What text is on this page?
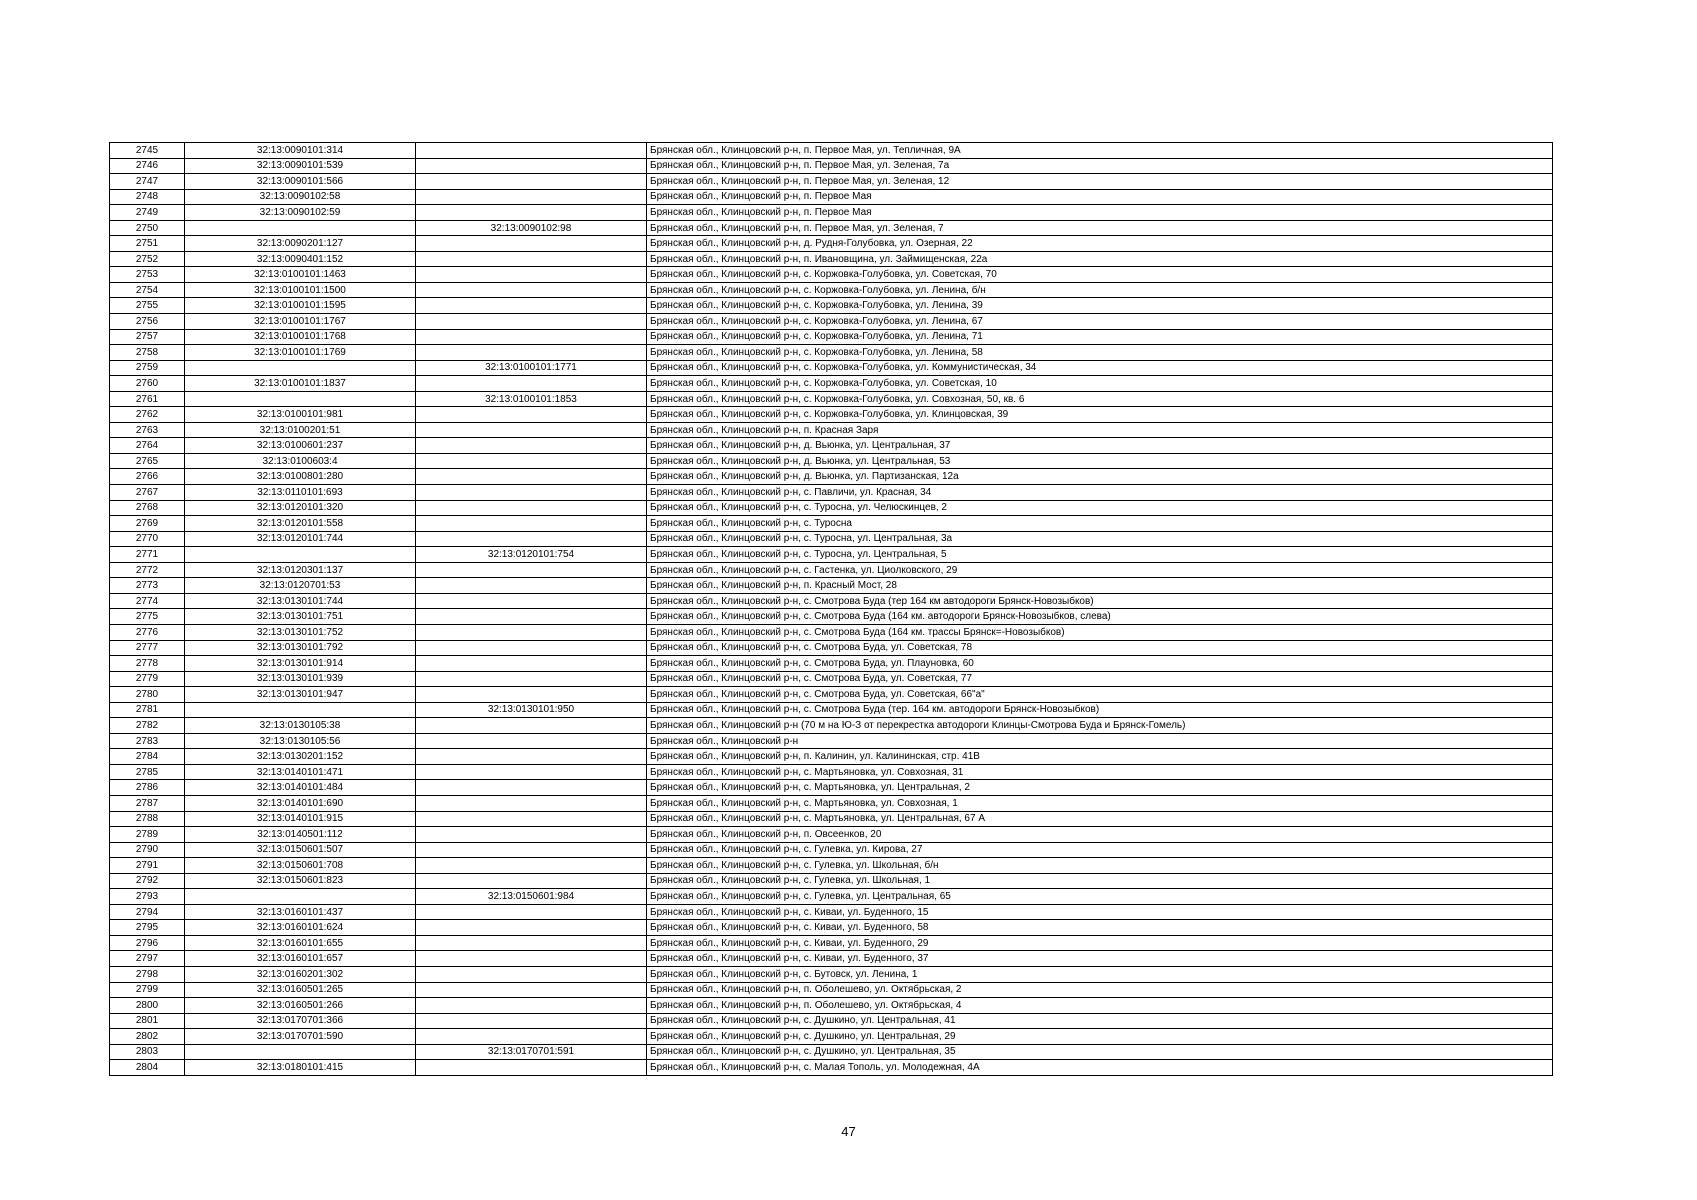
2745	32:13:0090101:314		Брянская обл., Клинцовский р-н, п. Первое Мая, ул. Тепличная, 9А
2746	32:13:0090101:539		Брянская обл., Клинцовский р-н, п. Первое Мая, ул. Зеленая, 7а
2747	32:13:0090101:566		Брянская обл., Клинцовский р-н, п. Первое Мая, ул. Зеленая, 12
2748	32:13:0090102:58		Брянская обл., Клинцовский р-н, п. Первое Мая
2749	32:13:0090102:59		Брянская обл., Клинцовский р-н, п. Первое Мая
2750		32:13:0090102:98	Брянская обл., Клинцовский р-н, п. Первое Мая, ул. Зеленая, 7
2751	32:13:0090201:127		Брянская обл., Клинцовский р-н, д. Рудня-Голубовка, ул. Озерная, 22
2752	32:13:0090401:152		Брянская обл., Клинцовский р-н, п. Ивановщина, ул. Займищенская, 22а
2753	32:13:0100101:1463		Брянская обл., Клинцовский р-н, с. Коржовка-Голубовка, ул. Советская, 70
2754	32:13:0100101:1500		Брянская обл., Клинцовский р-н, с. Коржовка-Голубовка, ул. Ленина, б/н
2755	32:13:0100101:1595		Брянская обл., Клинцовский р-н, с. Коржовка-Голубовка, ул. Ленина, 39
2756	32:13:0100101:1767		Брянская обл., Клинцовский р-н, с. Коржовка-Голубовка, ул. Ленина, 67
2757	32:13:0100101:1768		Брянская обл., Клинцовский р-н, с. Коржовка-Голубовка, ул. Ленина, 71
2758	32:13:0100101:1769		Брянская обл., Клинцовский р-н, с. Коржовка-Голубовка, ул. Ленина, 58
2759		32:13:0100101:1771	Брянская обл., Клинцовский р-н, с. Коржовка-Голубовка, ул. Коммунистическая, 34
2760	32:13:0100101:1837		Брянская обл., Клинцовский р-н, с. Коржовка-Голубовка, ул. Советская, 10
2761		32:13:0100101:1853	Брянская обл., Клинцовский р-н, с. Коржовка-Голубовка, ул. Совхозная, 50, кв. 6
2762	32:13:0100101:981		Брянская обл., Клинцовский р-н, с. Коржовка-Голубовка, ул. Клинцовская, 39
2763	32:13:0100201:51		Брянская обл., Клинцовский р-н, п. Красная Заря
2764	32:13:0100601:237		Брянская обл., Клинцовский р-н, д. Вьюнка, ул. Центральная, 37
2765	32:13:0100603:4		Брянская обл., Клинцовский р-н, д. Вьюнка, ул. Центральная, 53
2766	32:13:0100801:280		Брянская обл., Клинцовский р-н, д. Вьюнка, ул. Партизанская, 12а
2767	32:13:0110101:693		Брянская обл., Клинцовский р-н, с. Павличи, ул. Красная, 34
2768	32:13:0120101:320		Брянская обл., Клинцовский р-н, с. Туросна, ул. Челюскинцев, 2
2769	32:13:0120101:558		Брянская обл., Клинцовский р-н, с. Туросна
2770	32:13:0120101:744		Брянская обл., Клинцовский р-н, с. Туросна, ул. Центральная, 3а
2771		32:13:0120101:754	Брянская обл., Клинцовский р-н, с. Туросна, ул. Центральная, 5
2772	32:13:0120301:137		Брянская обл., Клинцовский р-н, с. Гастенка, ул. Циолковского, 29
2773	32:13:0120701:53		Брянская обл., Клинцовский р-н, п. Красный Мост, 28
2774	32:13:0130101:744		Брянская обл., Клинцовский р-н, с. Смотрова Буда (тер 164 км автодороги Брянск-Новозыбков)
2775	32:13:0130101:751		Брянская обл., Клинцовский р-н, с. Смотрова Буда (164 км. автодороги Брянск-Новозыбков, слева)
2776	32:13:0130101:752		Брянская обл., Клинцовский р-н, с. Смотрова Буда (164 км. трассы Брянск=-Новозыбков)
2777	32:13:0130101:792		Брянская обл., Клинцовский р-н, с. Смотрова Буда, ул. Советская, 78
2778	32:13:0130101:914		Брянская обл., Клинцовский р-н, с. Смотрова Буда, ул. Плауновка, 60
2779	32:13:0130101:939		Брянская обл., Клинцовский р-н, с. Смотрова Буда, ул. Советская, 77
2780	32:13:0130101:947		Брянская обл., Клинцовский р-н, с. Смотрова Буда, ул. Советская, 66"а"
2781		32:13:0130101:950	Брянская обл., Клинцовский р-н, с. Смотрова Буда (тер. 164 км. автодороги Брянск-Новозыбков)
2782	32:13:0130105:38		Брянская обл., Клинцовский р-н (70 м на Ю-З от перекрестка автодороги Клинцы-Смотрова Буда и Брянск-Гомель)
2783	32:13:0130105:56		Брянская обл., Клинцовский р-н
2784	32:13:0130201:152		Брянская обл., Клинцовский р-н, п. Калинин, ул. Калининская, стр. 41В
2785	32:13:0140101:471		Брянская обл., Клинцовский р-н, с. Мартьяновка, ул. Совхозная, 31
2786	32:13:0140101:484		Брянская обл., Клинцовский р-н, с. Мартьяновка, ул. Центральная, 2
2787	32:13:0140101:690		Брянская обл., Клинцовский р-н, с. Мартьяновка, ул. Совхозная, 1
2788	32:13:0140101:915		Брянская обл., Клинцовский р-н, с. Мартьяновка, ул. Центральная, 67 А
2789	32:13:0140501:112		Брянская обл., Клинцовский р-н, п. Овсеенков, 20
2790	32:13:0150601:507		Брянская обл., Клинцовский р-н, с. Гулевка, ул. Кирова, 27
2791	32:13:0150601:708		Брянская обл., Клинцовский р-н, с. Гулевка, ул. Школьная, б/н
2792	32:13:0150601:823		Брянская обл., Клинцовский р-н, с. Гулевка, ул. Школьная, 1
2793		32:13:0150601:984	Брянская обл., Клинцовский р-н, с. Гулевка, ул. Центральная, 65
2794	32:13:0160101:437		Брянская обл., Клинцовский р-н, с. Киваи, ул. Буденного, 15
2795	32:13:0160101:624		Брянская обл., Клинцовский р-н, с. Киваи, ул. Буденного, 58
2796	32:13:0160101:655		Брянская обл., Клинцовский р-н, с. Киваи, ул. Буденного, 29
2797	32:13:0160101:657		Брянская обл., Клинцовский р-н, с. Киваи, ул. Буденного, 37
2798	32:13:0160201:302		Брянская обл., Клинцовский р-н, с. Бутовск, ул. Ленина, 1
2799	32:13:0160501:265		Брянская обл., Клинцовский р-н, п. Оболешево, ул. Октябрьская, 2
2800	32:13:0160501:266		Брянская обл., Клинцовский р-н, п. Оболешево, ул. Октябрьская, 4
2801	32:13:0170701:366		Брянская обл., Клинцовский р-н, с. Душкино, ул. Центральная, 41
2802	32:13:0170701:590		Брянская обл., Клинцовский р-н, с. Душкино, ул. Центральная, 29
2803		32:13:0170701:591	Брянская обл., Клинцовский р-н, с. Душкино, ул. Центральная, 35
2804	32:13:0180101:415		Брянская обл., Клинцовский р-н, с. Малая Тополь, ул. Молодежная, 4А
47
